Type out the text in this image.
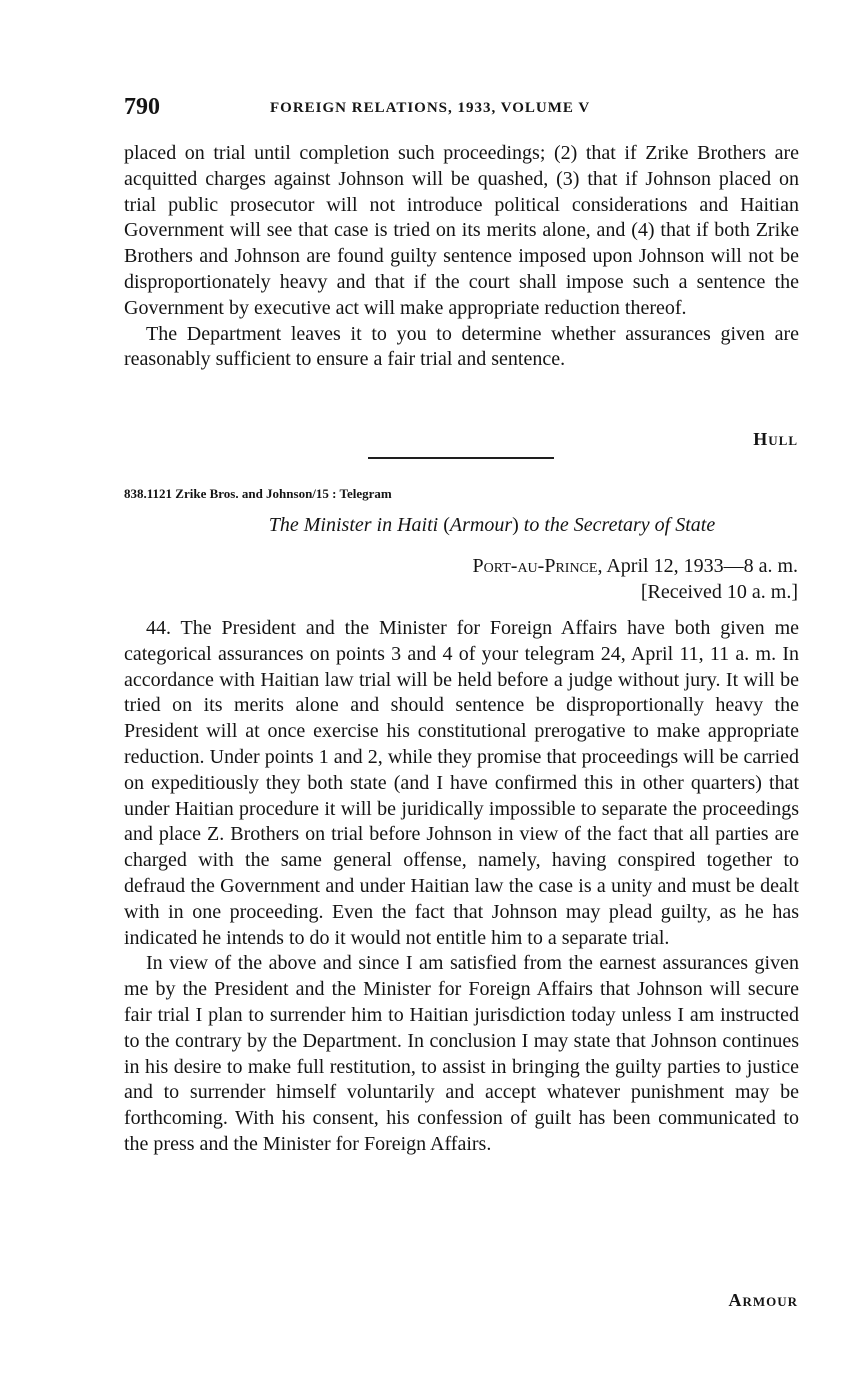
790	FOREIGN RELATIONS, 1933, VOLUME V

placed on trial until completion such proceedings; (2) that if Zrike Brothers are acquitted charges against Johnson will be quashed, (3) that if Johnson placed on trial public prosecutor will not introduce political considerations and Haitian Government will see that case is tried on its merits alone, and (4) that if both Zrike Brothers and Johnson are found guilty sentence imposed upon Johnson will not be disproportionately heavy and that if the court shall impose such a sentence the Government by executive act will make appropriate reduction thereof.

The Department leaves it to you to determine whether assurances given are reasonably sufficient to ensure a fair trial and sentence.

Hull
838.1121 Zrike Bros. and Johnson/15 : Telegram
The Minister in Haiti (Armour) to the Secretary of State
Port-au-Prince, April 12, 1933—8 a. m.
[Received 10 a. m.]

44. The President and the Minister for Foreign Affairs have both given me categorical assurances on points 3 and 4 of your telegram 24, April 11, 11 a. m. In accordance with Haitian law trial will be held before a judge without jury. It will be tried on its merits alone and should sentence be disproportionally heavy the President will at once exercise his constitutional prerogative to make appropriate reduction. Under points 1 and 2, while they promise that proceedings will be carried on expeditiously they both state (and I have confirmed this in other quarters) that under Haitian procedure it will be juridically impossible to separate the proceedings and place Z. Brothers on trial before Johnson in view of the fact that all parties are charged with the same general offense, namely, having conspired together to defraud the Government and under Haitian law the case is a unity and must be dealt with in one proceeding. Even the fact that Johnson may plead guilty, as he has indicated he intends to do it would not entitle him to a separate trial.

In view of the above and since I am satisfied from the earnest assurances given me by the President and the Minister for Foreign Affairs that Johnson will secure fair trial I plan to surrender him to Haitian jurisdiction today unless I am instructed to the contrary by the Department. In conclusion I may state that Johnson continues in his desire to make full restitution, to assist in bringing the guilty parties to justice and to surrender himself voluntarily and accept whatever punishment may be forthcoming. With his consent, his confession of guilt has been communicated to the press and the Minister for Foreign Affairs.

Armour
